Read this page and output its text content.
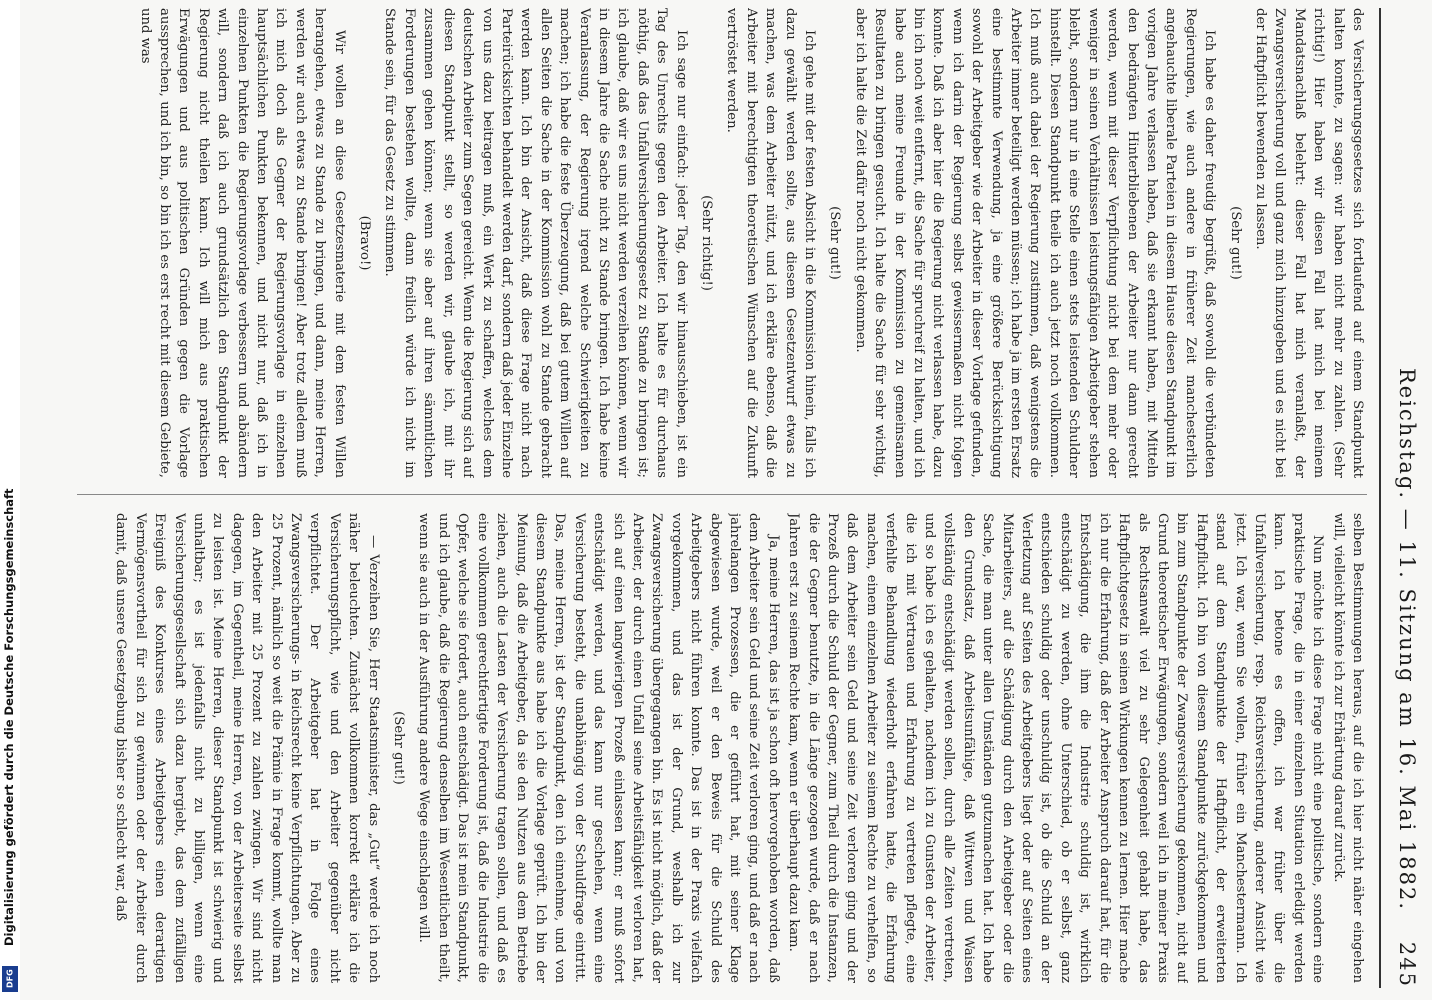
Reichstag. — 11. Sitzung am 16. Mai 1882.
245

des Versicherungsgesetzes sich fortlaufend auf einem Standpunkt halten konnte, zu sagen: wir haben nicht mehr zu zahlen. (Sehr richtig!) Hier haben wir diesen Fall hat mich bei meinem Mandatsnachlaß belehrt: dieser Fall hat mich veranlaßt, der Zwangsversicherung voll und ganz mich hinzugeben und es nicht bei der Haftpflicht bewenden zu lassen.

(Sehr gut!)

Ich habe es daher freudig begrüßt, daß sowohl die verbündeten Regierungen, wie auch andere in früherer Zeit manchesterlich angehauchte liberale Parteien in diesem Hause diesen Standpunkt im vorigen Jahre verlassen haben, daß sie erkannt haben, mit Mitteln den bedrängten Hinterbliebenen der Arbeiter nur dann gerecht werden, wenn mit dieser Verpflichtung nicht bei dem mehr oder weniger in seinen Verhältnissen leistungsfähigen Arbeitgeber stehen bleibt, sondern nur in eine Stelle einen stets leistenden Schuldner hinstellt. Diesen Standpunkt theile ich auch jetzt noch vollkommen. Ich muß auch dabei der Regierung zustimmen, daß wenigstens die Arbeiter immer beteiligt werden müssen; ich habe ja im ersten Ersatz eine bestimmte Verwendung, ja eine größere Berücksichtigung sowohl der Arbeitgeber wie der Arbeiter in dieser Vorlage gefunden, wenn ich darin der Regierung selbst gewissermaßen nicht folgen konnte. Daß ich aber hier die Regierung nicht verlassen habe, dazu bin ich noch weit entfernt, die Sache für spruchreif zu halten, und ich habe auch meine Freunde in der Kommission zu gemeinsamen Resultaten zu bringen gesucht. Ich halte die Sache für sehr wichtig, aber ich halte die Zeit dafür noch nicht gekommen.

(Sehr gut!)

Ich gehe mit der festen Absicht in die Kommission hinein, falls ich dazu gewählt werden sollte, aus diesem Gesetzentwurf etwas zu machen, was dem Arbeiter nützt, und ich erkläre ebenso, daß die Arbeiter mit berechtigten theoretischen Wünschen auf die Zukunft vertröstet werden.

(Sehr richtig!)

Ich sage nur einfach: jeder Tag, den wir hinausschieben, ist ein Tag des Unrechts gegen den Arbeiter. Ich halte es für durchaus nöthig, daß das Unfallversicherungsgesetz zu Stande zu bringen ist; ich glaube, daß wir es uns nicht werden verzeihen können, wenn wir in diesem Jahre die Sache nicht zu Stande bringen. Ich habe keine Veranlassung, der Regierung irgend welche Schwierigkeiten zu machen; ich habe die feste Überzeugung, daß bei gutem Willen auf allen Seiten die Sache in der Kommission wohl zu Stande gebracht werden kann. Ich bin der Ansicht, daß diese Frage nicht nach Parteirücksichten behandelt werden darf, sondern daß jeder Einzelne von uns dazu beitragen muß, ein Werk zu schaffen, welches dem deutschen Arbeiter zum Segen gereicht. Wenn die Regierung sich auf diesen Standpunkt stellt, so werden wir, glaube ich, mit ihr zusammen gehen können; wenn sie aber auf ihren sämmtlichen Forderungen bestehen wollte, dann freilich würde ich nicht im Stande sein, für das Gesetz zu stimmen.

(Bravo!)

Wir wollen an diese Gesetzesmaterie mit dem festen Willen herangehen, etwas zu Stande zu bringen, und dann, meine Herren, werden wir auch etwas zu Stande bringen! Aber trotz alledem muß ich mich doch als Gegner der Regierungsvorlage in einzelnen hauptsächlichen Punkten bekennen, und nicht nur, daß ich in einzelnen Punkten die Regierungsvorlage verbessern und abändern will, sondern daß ich auch grundsätzlich den Standpunkt der Regierung nicht theilen kann. Ich will mich aus praktischen Erwägungen und aus politischen Gründen gegen die Vorlage aussprechen, und ich bin, so bin ich es erst recht mit diesem Gebiete, und was

selben Bestimmungen heraus, auf die ich hier nicht näher eingehen will, vielleicht könnte ich zur Erhärtung darauf zurück.

Nun möchte ich diese Frage nicht eine politische, sondern eine praktische Frage, die in einer einzelnen Situation erledigt werden kann. Ich betone es offen, ich war früher über die Unfallversicherung, resp. Reichsversicherung, anderer Ansicht wie jetzt. Ich war, wenn Sie wollen, früher ein Manchestermann. Ich stand auf dem Standpunkte der Haftpflicht, der erweiterten Haftpflicht. Ich bin von diesem Standpunkte zurückgekommen und bin zum Standpunkte der Zwangsversicherung gekommen, nicht auf Grund theoretischer Erwägungen, sondern weil ich in meiner Praxis als Rechtsanwalt viel zu sehr Gelegenheit gehabt habe, das Haftpflichtgesetz in seinen Wirkungen kennen zu lernen. Hier mache ich nur die Erfahrung, daß der Arbeiter Anspruch darauf hat, für die Entschädigung, die ihm die Industrie schuldig ist, wirklich entschädigt zu werden, ohne Unterschied, ob er selbst, ganz entschieden schuldig oder unschuldig ist, ob die Schuld an der Verletzung auf Seiten des Arbeitgebers liegt oder auf Seiten eines Mitarbeiters, auf die Schädigung durch den Arbeitgeber oder die Sache, die man unter allen Umständen gutzumachen hat. Ich habe den Grundsatz, daß Arbeitsunfähige, daß Wittwen und Waisen vollständig entschädigt werden sollen, durch alle Zeiten vertreten, und so habe ich es gehalten, nachdem ich zu Gunsten der Arbeiter, die ich mit Vertrauen und Erfahrung zu vertreten pflegte, eine verfehlte Behandlung wiederholt erfahren hatte, die Erfahrung machen, einem einzelnen Arbeiter zu seinem Rechte zu verhelfen, so daß dem Arbeiter sein Geld und seine Zeit verloren ging und der Prozeß durch die Schuld der Gegner, zum Theil durch die Instanzen, die der Gegner benutzte, in die Länge gezogen wurde, daß er nach Jahren erst zu seinem Rechte kam, wenn er überhaupt dazu kam.

Ja, meine Herren, das ist ja schon oft hervorgehoben worden, daß dem Arbeiter sein Geld und seine Zeit verloren ging, und daß er nach jahrelangen Prozessen, die er geführt hat, mit seiner Klage abgewiesen wurde, weil er den Beweis für die Schuld des Arbeitgebers nicht führen konnte. Das ist in der Praxis vielfach vorgekommen, und das ist der Grund, weshalb ich zur Zwangsversicherung übergegangen bin. Es ist nicht möglich, daß der Arbeiter, der durch einen Unfall seine Arbeitsfähigkeit verloren hat, sich auf einen langwierigen Prozeß einlassen kann; er muß sofort entschädigt werden, und das kann nur geschehen, wenn eine Versicherung besteht, die unabhängig von der Schuldfrage eintritt. Das, meine Herren, ist der Standpunkt, den ich einnehme, und von diesem Standpunkte aus habe ich die Vorlage geprüft. Ich bin der Meinung, daß die Arbeitgeber, da sie den Nutzen aus dem Betriebe ziehen, auch die Lasten der Versicherung tragen sollen, und daß es eine vollkommen gerechtfertigte Forderung ist, daß die Industrie die Opfer, welche sie fordert, auch entschädigt. Das ist mein Standpunkt, und ich glaube, daß die Regierung denselben im Wesentlichen theilt, wenn sie auch in der Ausführung andere Wege einschlagen will.

(Sehr gut!)

— Verzeihen Sie, Herr Staatsminister, das „Gut“ werde ich noch näher beleuchten. Zunächst vollkommen korrekt erkläre ich die Versicherungspflicht, wie und den Arbeiter gegenüber nicht verpflichtet. Der Arbeitgeber hat in Folge eines Zwangsversicherungs- in Reichsrecht keine Verpflichtungen. Aber zu 25 Prozent, nämlich so weit die Prämie in Frage kommt, wollte man den Arbeiter mit 25 Prozent zu zahlen zwingen. Wir sind nicht dagegen, im Gegentheil, meine Herren, von der Arbeiterseite selbst zu leisten ist. Meine Herren, dieser Standpunkt ist schwierig und unhaltbar; es ist jedenfalls nicht zu billigen, wenn eine Versicherungsgesellschaft sich dazu hergiebt, das dem zufälligen Ereigniß des Konkurses eines Arbeitgebers einen derartigen Vermögensvortheil für sich zu gewinnen oder der Arbeiter durch damit, daß unsere Gesetzgebung bisher so schlecht war, daß

Digitalisierung gefördert durch die Deutsche Forschungsgemeinschaft
DFG
